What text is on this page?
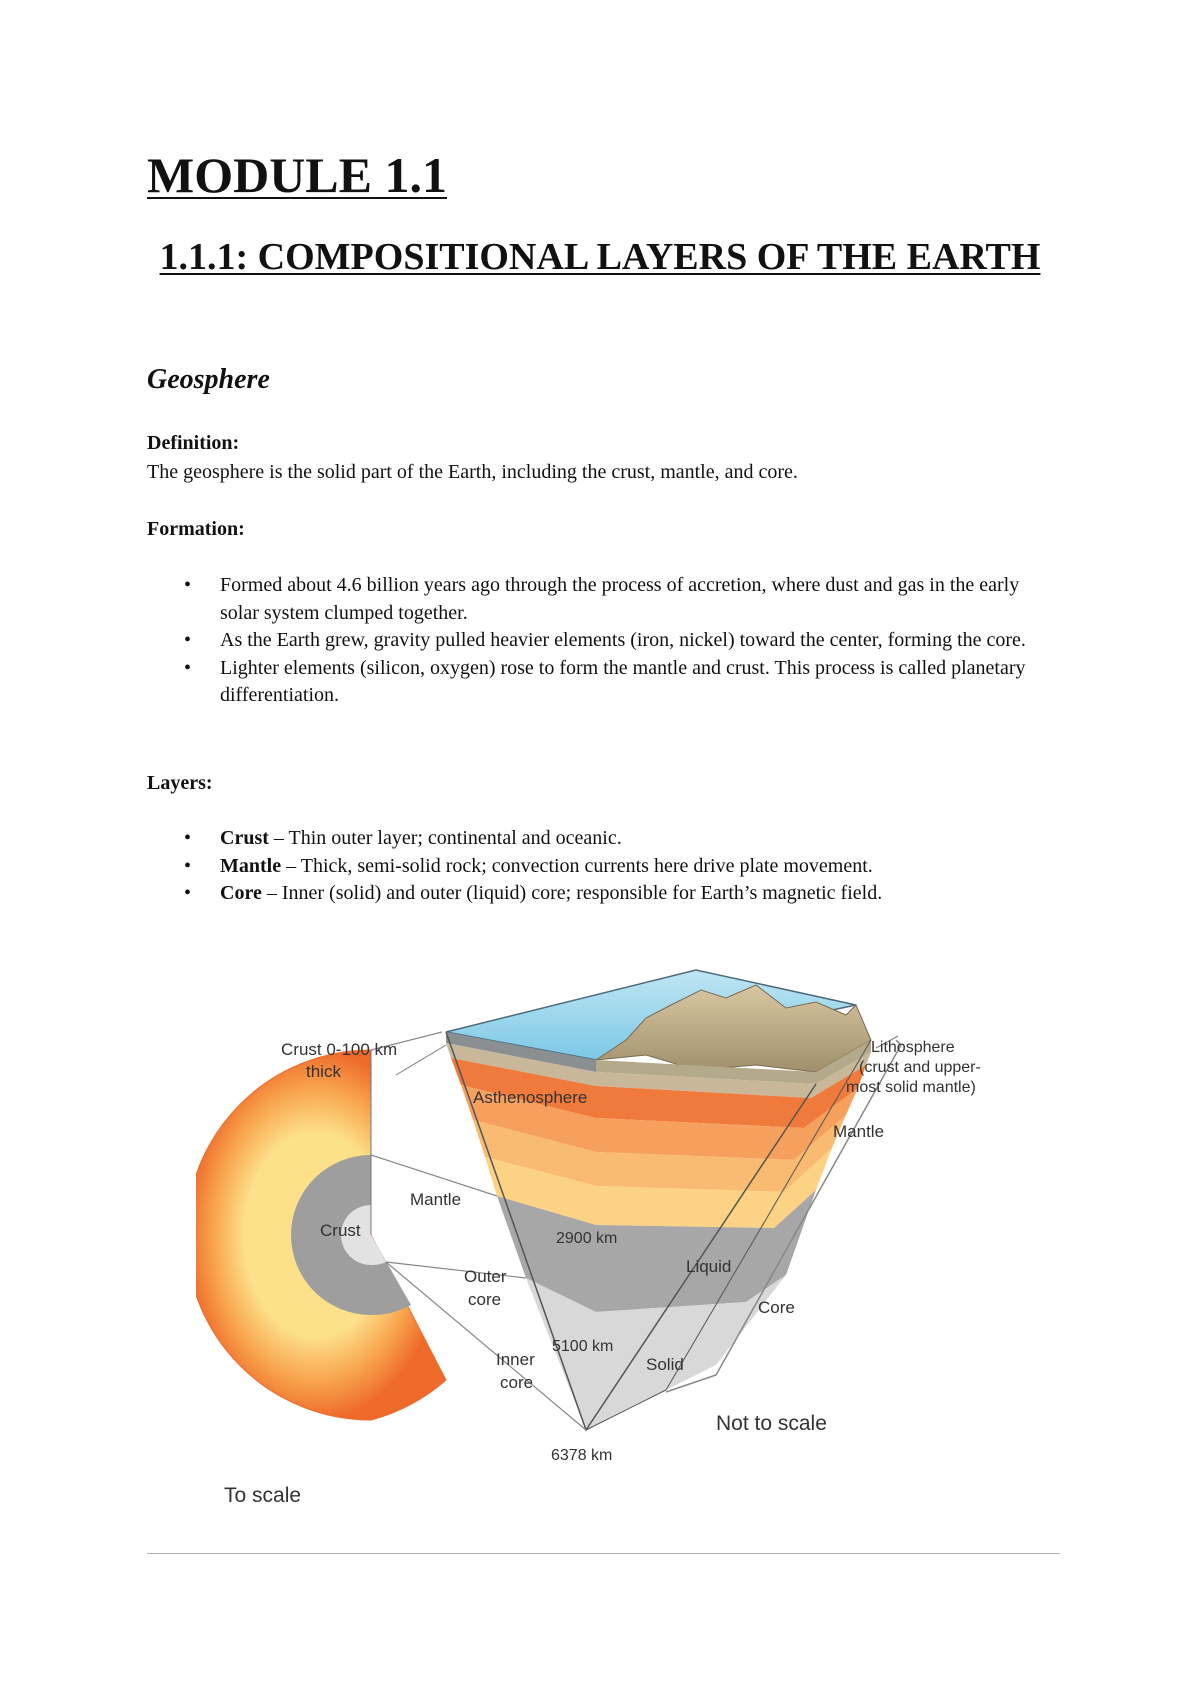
MODULE 1.1
1.1.1: COMPOSITIONAL LAYERS OF THE EARTH
Geosphere

Definition:

The geosphere is the solid part of the Earth, including the crust, mantle, and core.

Formation:

• Formed about 4.6 billion years ago through the process of accretion, where dust and gas in the early solar system clumped together.
• As the Earth grew, gravity pulled heavier elements (iron, nickel) toward the center, forming the core.
• Lighter elements (silicon, oxygen) rose to form the mantle and crust. This process is called planetary differentiation.

Layers:

• Crust – Thin outer layer; continental and oceanic.
• Mantle – Thick, semi-solid rock; convection currents here drive plate movement.
• Core – Inner (solid) and outer (liquid) core; responsible for Earth’s magnetic field.
Crust 0-100 km
thick
Asthenosphere
Lithosphere
(crust and upper-
most solid mantle)
Mantle
Mantle
Crust	2900 km
Liquid
Outer
core	Core
5100 km
Inner
core
Solid
Not to scale
6378 km
To scale
